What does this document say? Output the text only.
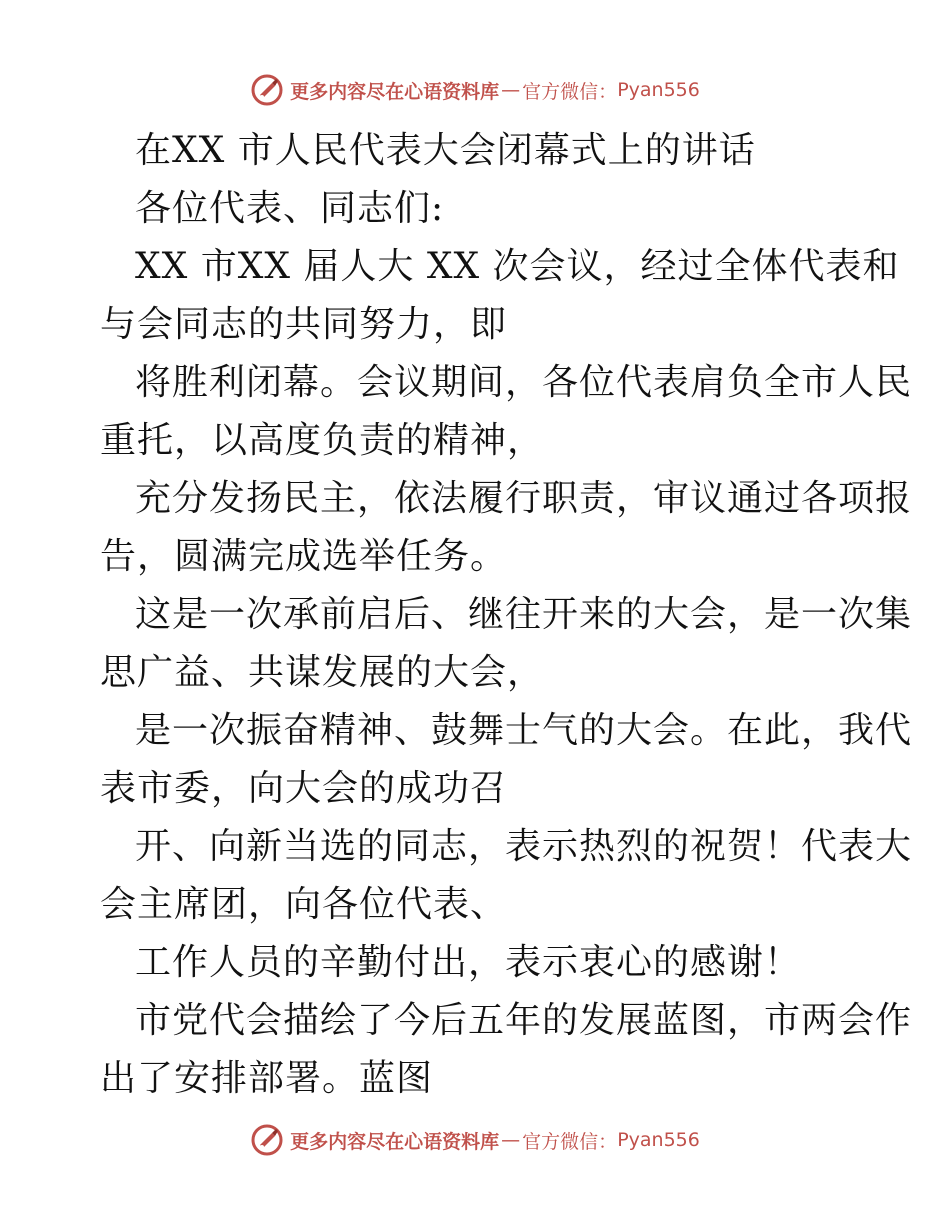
更多内容尽在心语资料库 — 官方微信： Pyan556
在XX 市人民代表大会闭幕式上的讲话
各位代表、同志们:
XX 市XX 届人大 XX 次会议，经过全体代表和
与会同志的共同努力，即
将胜利闭幕。会议期间，各位代表肩负全市人民
重托，以高度负责的精神，
充分发扬民主，依法履行职责，审议通过各项报
告，圆满完成选举任务。
这是一次承前启后、继往开来的大会，是一次集
思广益、共谋发展的大会，
是一次振奋精神、鼓舞士气的大会。在此，我代
表市委，向大会的成功召
开、向新当选的同志，表示热烈的祝贺！代表大
会主席团，向各位代表、
工作人员的辛勤付出，表示衷心的感谢！
市党代会描绘了今后五年的发展蓝图，市两会作
出了安排部署。蓝图
更多内容尽在心语资料库 — 官方微信： Pyan556
